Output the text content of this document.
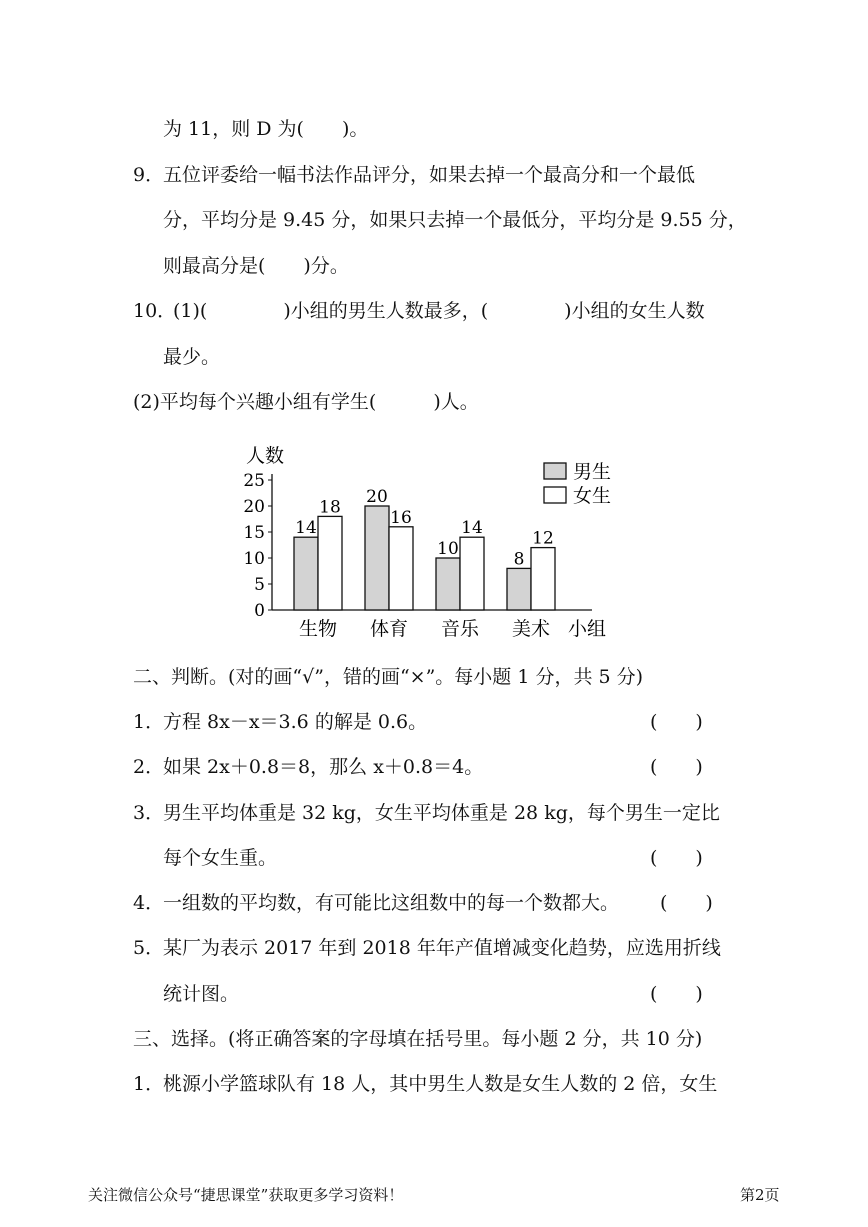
为 11，则 D 为(　　)。
9．
五位评委给一幅书法作品评分，如果去掉一个最高分和一个最低
分，平均分是 9.45 分，如果只去掉一个最低分，平均分是 9.55 分，
则最高分是(　　)分。
10．
(1)(　　　　)小组的男生人数最多，(　　　　)小组的女生人数
最少。
(2)平均每个兴趣小组有学生(　　　)人。
人数
0
5
10
15
20
25
14
18
生物
20
16
体育
10
14
音乐
8
12
美术 小组
男生
女生
二、判断。(对的画“√”，错的画“×”。每小题 1 分，共 5 分)
1．
方程 8x－x＝3.6 的解是 0.6。	(　　)
2．
如果 2x＋0.8＝8，那么 x＋0.8＝4。	(　　)
3．
男生平均体重是 32 kg，女生平均体重是 28 kg，每个男生一定比
每个女生重。	(　　)
4．
一组数的平均数，有可能比这组数中的每一个数都大。 (　　)
5．
某厂为表示 2017 年到 2018 年年产值增减变化趋势，应选用折线
统计图。	(　　)
三、选择。(将正确答案的字母填在括号里。每小题 2 分，共 10 分)
1．
桃源小学篮球队有 18 人，其中男生人数是女生人数的 2 倍，女生
关注微信公众号“捷思课堂”获取更多学习资料！	第2页
